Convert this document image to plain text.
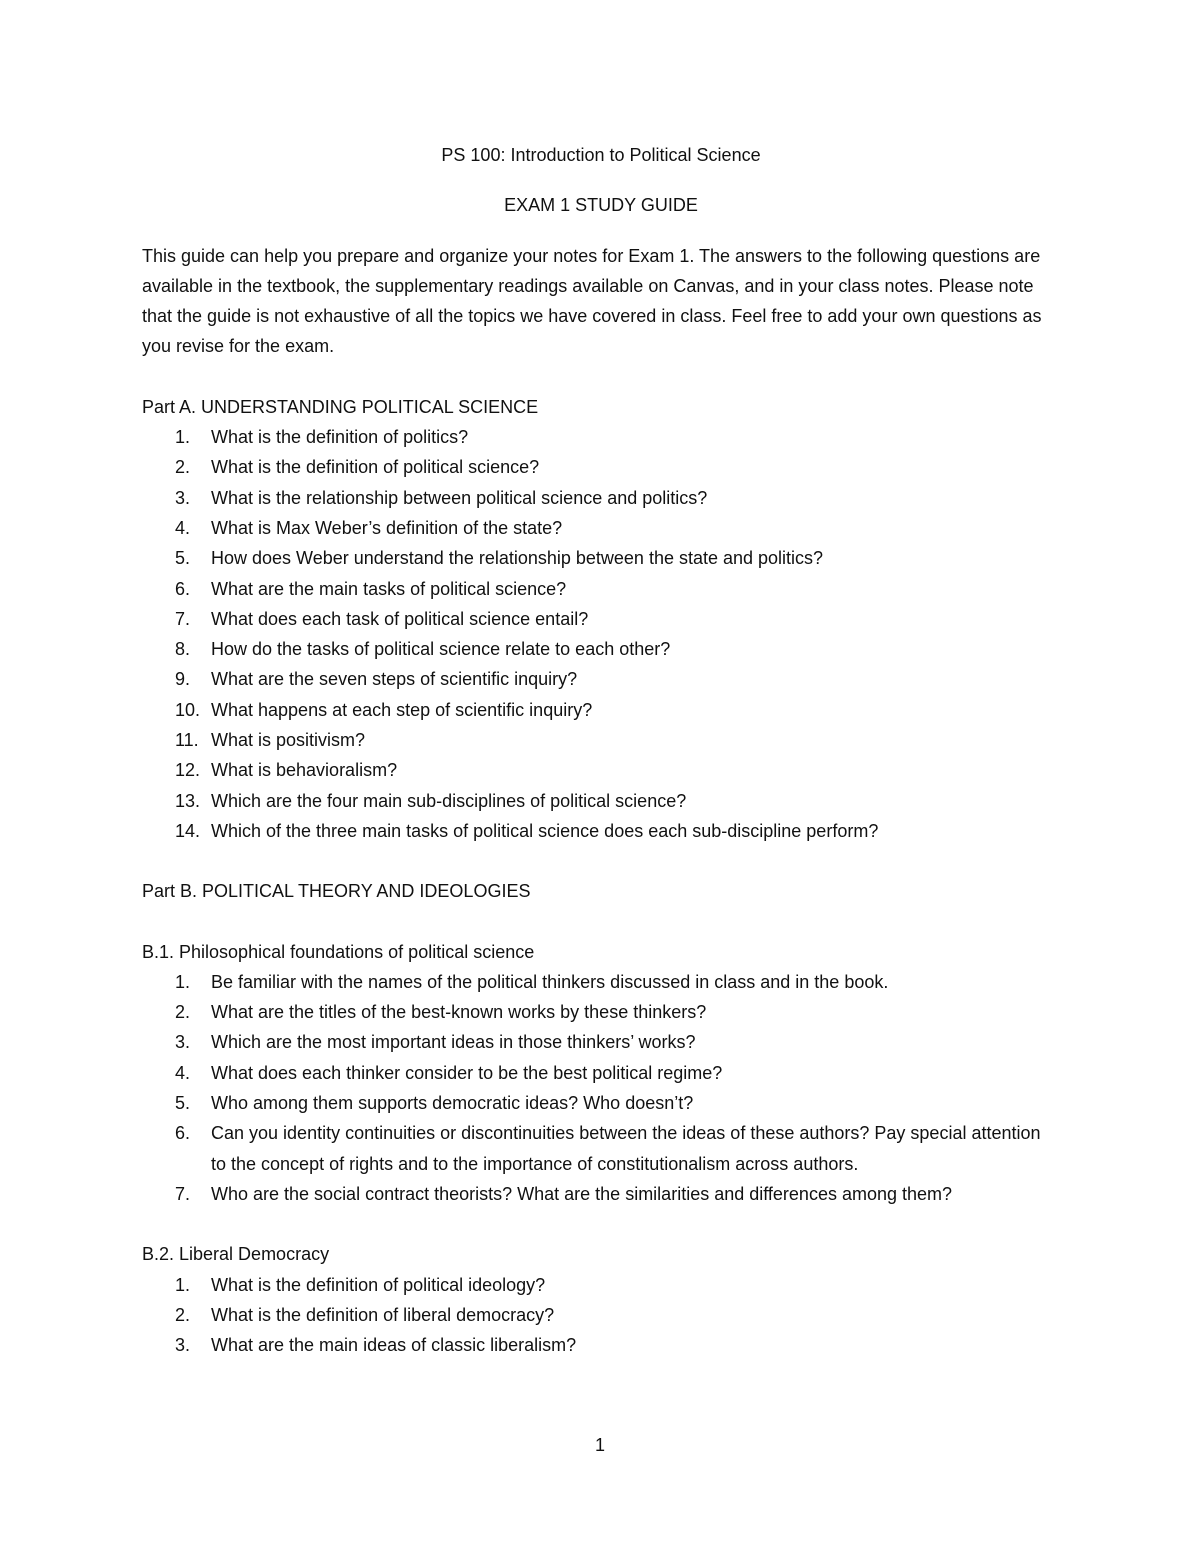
PS 100: Introduction to Political Science

EXAM 1 STUDY GUIDE

This guide can help you prepare and organize your notes for Exam 1. The answers to the following questions are available in the textbook, the supplementary readings available on Canvas, and in your class notes. Please note that the guide is not exhaustive of all the topics we have covered in class. Feel free to add your own questions as you revise for the exam.

Part A. UNDERSTANDING POLITICAL SCIENCE

1. What is the definition of politics?
2. What is the definition of political science?
3. What is the relationship between political science and politics?
4. What is Max Weber’s definition of the state?
5. How does Weber understand the relationship between the state and politics?
6. What are the main tasks of political science?
7. What does each task of political science entail?
8. How do the tasks of political science relate to each other?
9. What are the seven steps of scientific inquiry?
10. What happens at each step of scientific inquiry?
11. What is positivism?
12. What is behavioralism?
13. Which are the four main sub-disciplines of political science?
14. Which of the three main tasks of political science does each sub-discipline perform?

Part B. POLITICAL THEORY AND IDEOLOGIES

B.1. Philosophical foundations of political science

1. Be familiar with the names of the political thinkers discussed in class and in the book.
2. What are the titles of the best-known works by these thinkers?
3. Which are the most important ideas in those thinkers’ works?
4. What does each thinker consider to be the best political regime?
5. Who among them supports democratic ideas? Who doesn’t?
6. Can you identity continuities or discontinuities between the ideas of these authors? Pay special attention to the concept of rights and to the importance of constitutionalism across authors.
7. Who are the social contract theorists? What are the similarities and differences among them?

B.2. Liberal Democracy

1. What is the definition of political ideology?
2. What is the definition of liberal democracy?
3. What are the main ideas of classic liberalism?
1
